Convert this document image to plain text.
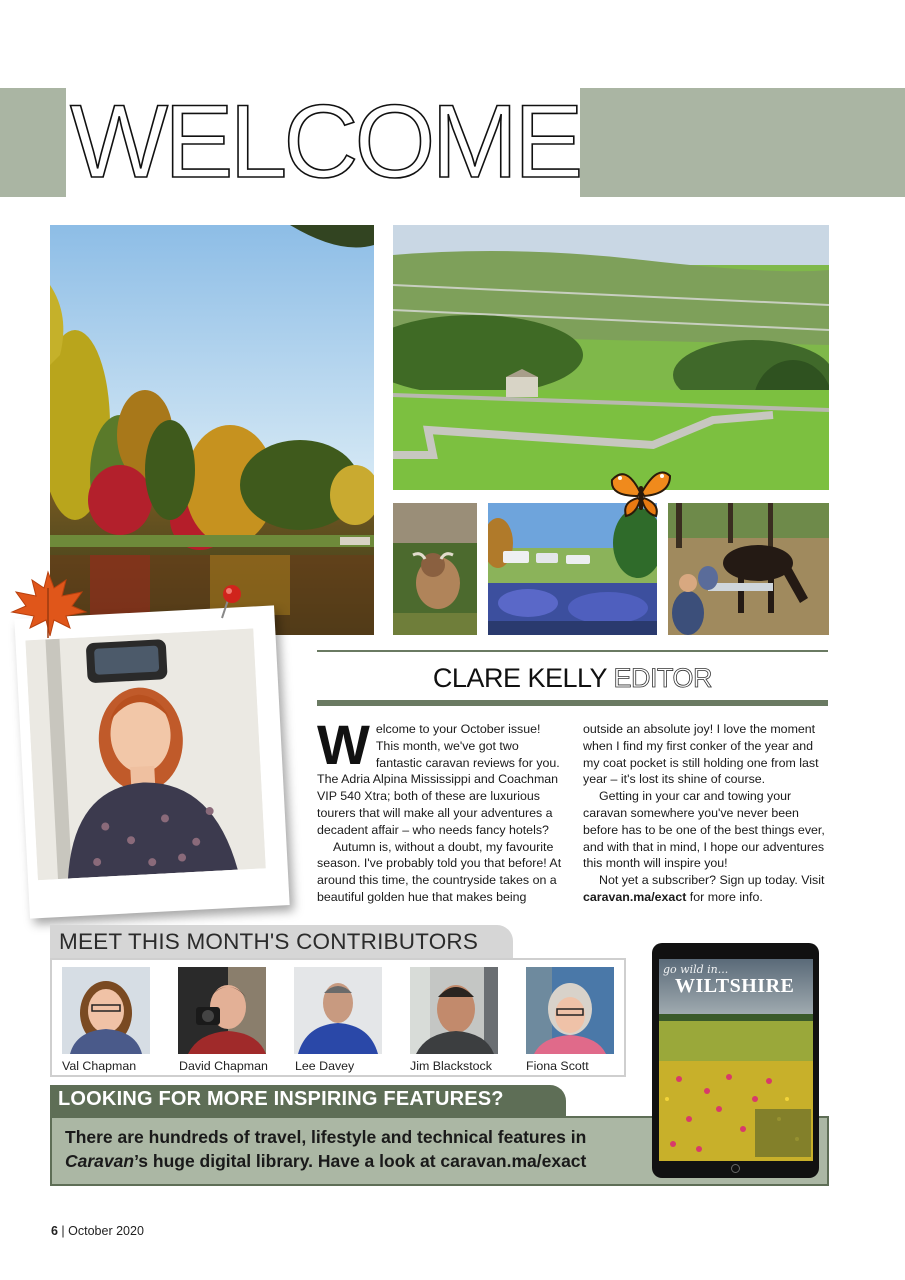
WELCOME
CLARE KELLY EDITOR

Welcome to your October issue! This month, we've got two fantastic caravan reviews for you. The Adria Alpina Mississippi and Coachman VIP 540 Xtra; both of these are luxurious tourers that will make all your adventures a decadent affair – who needs fancy hotels?

Autumn is, without a doubt, my favourite season. I've probably told you that before! At around this time, the countryside takes on a beautiful golden hue that makes being

outside an absolute joy! I love the moment when I find my first conker of the year and my coat pocket is still holding one from last year – it's lost its shine of course.

Getting in your car and towing your caravan somewhere you've never been before has to be one of the best things ever, and with that in mind, I hope our adventures this month will inspire you!

Not yet a subscriber? Sign up today. Visit caravan.ma/exact for more info.

MEET THIS MONTH'S CONTRIBUTORS
Val Chapman	David Chapman Lee Davey	Jim Blackstock	Fiona Scott
LOOKING FOR MORE INSPIRING FEATURES?
There are hundreds of travel, lifestyle and technical features in
Caravan’s huge digital library. Have a look at caravan.ma/exact
go wild in...
WILTSHIRE
6 | October 2020
